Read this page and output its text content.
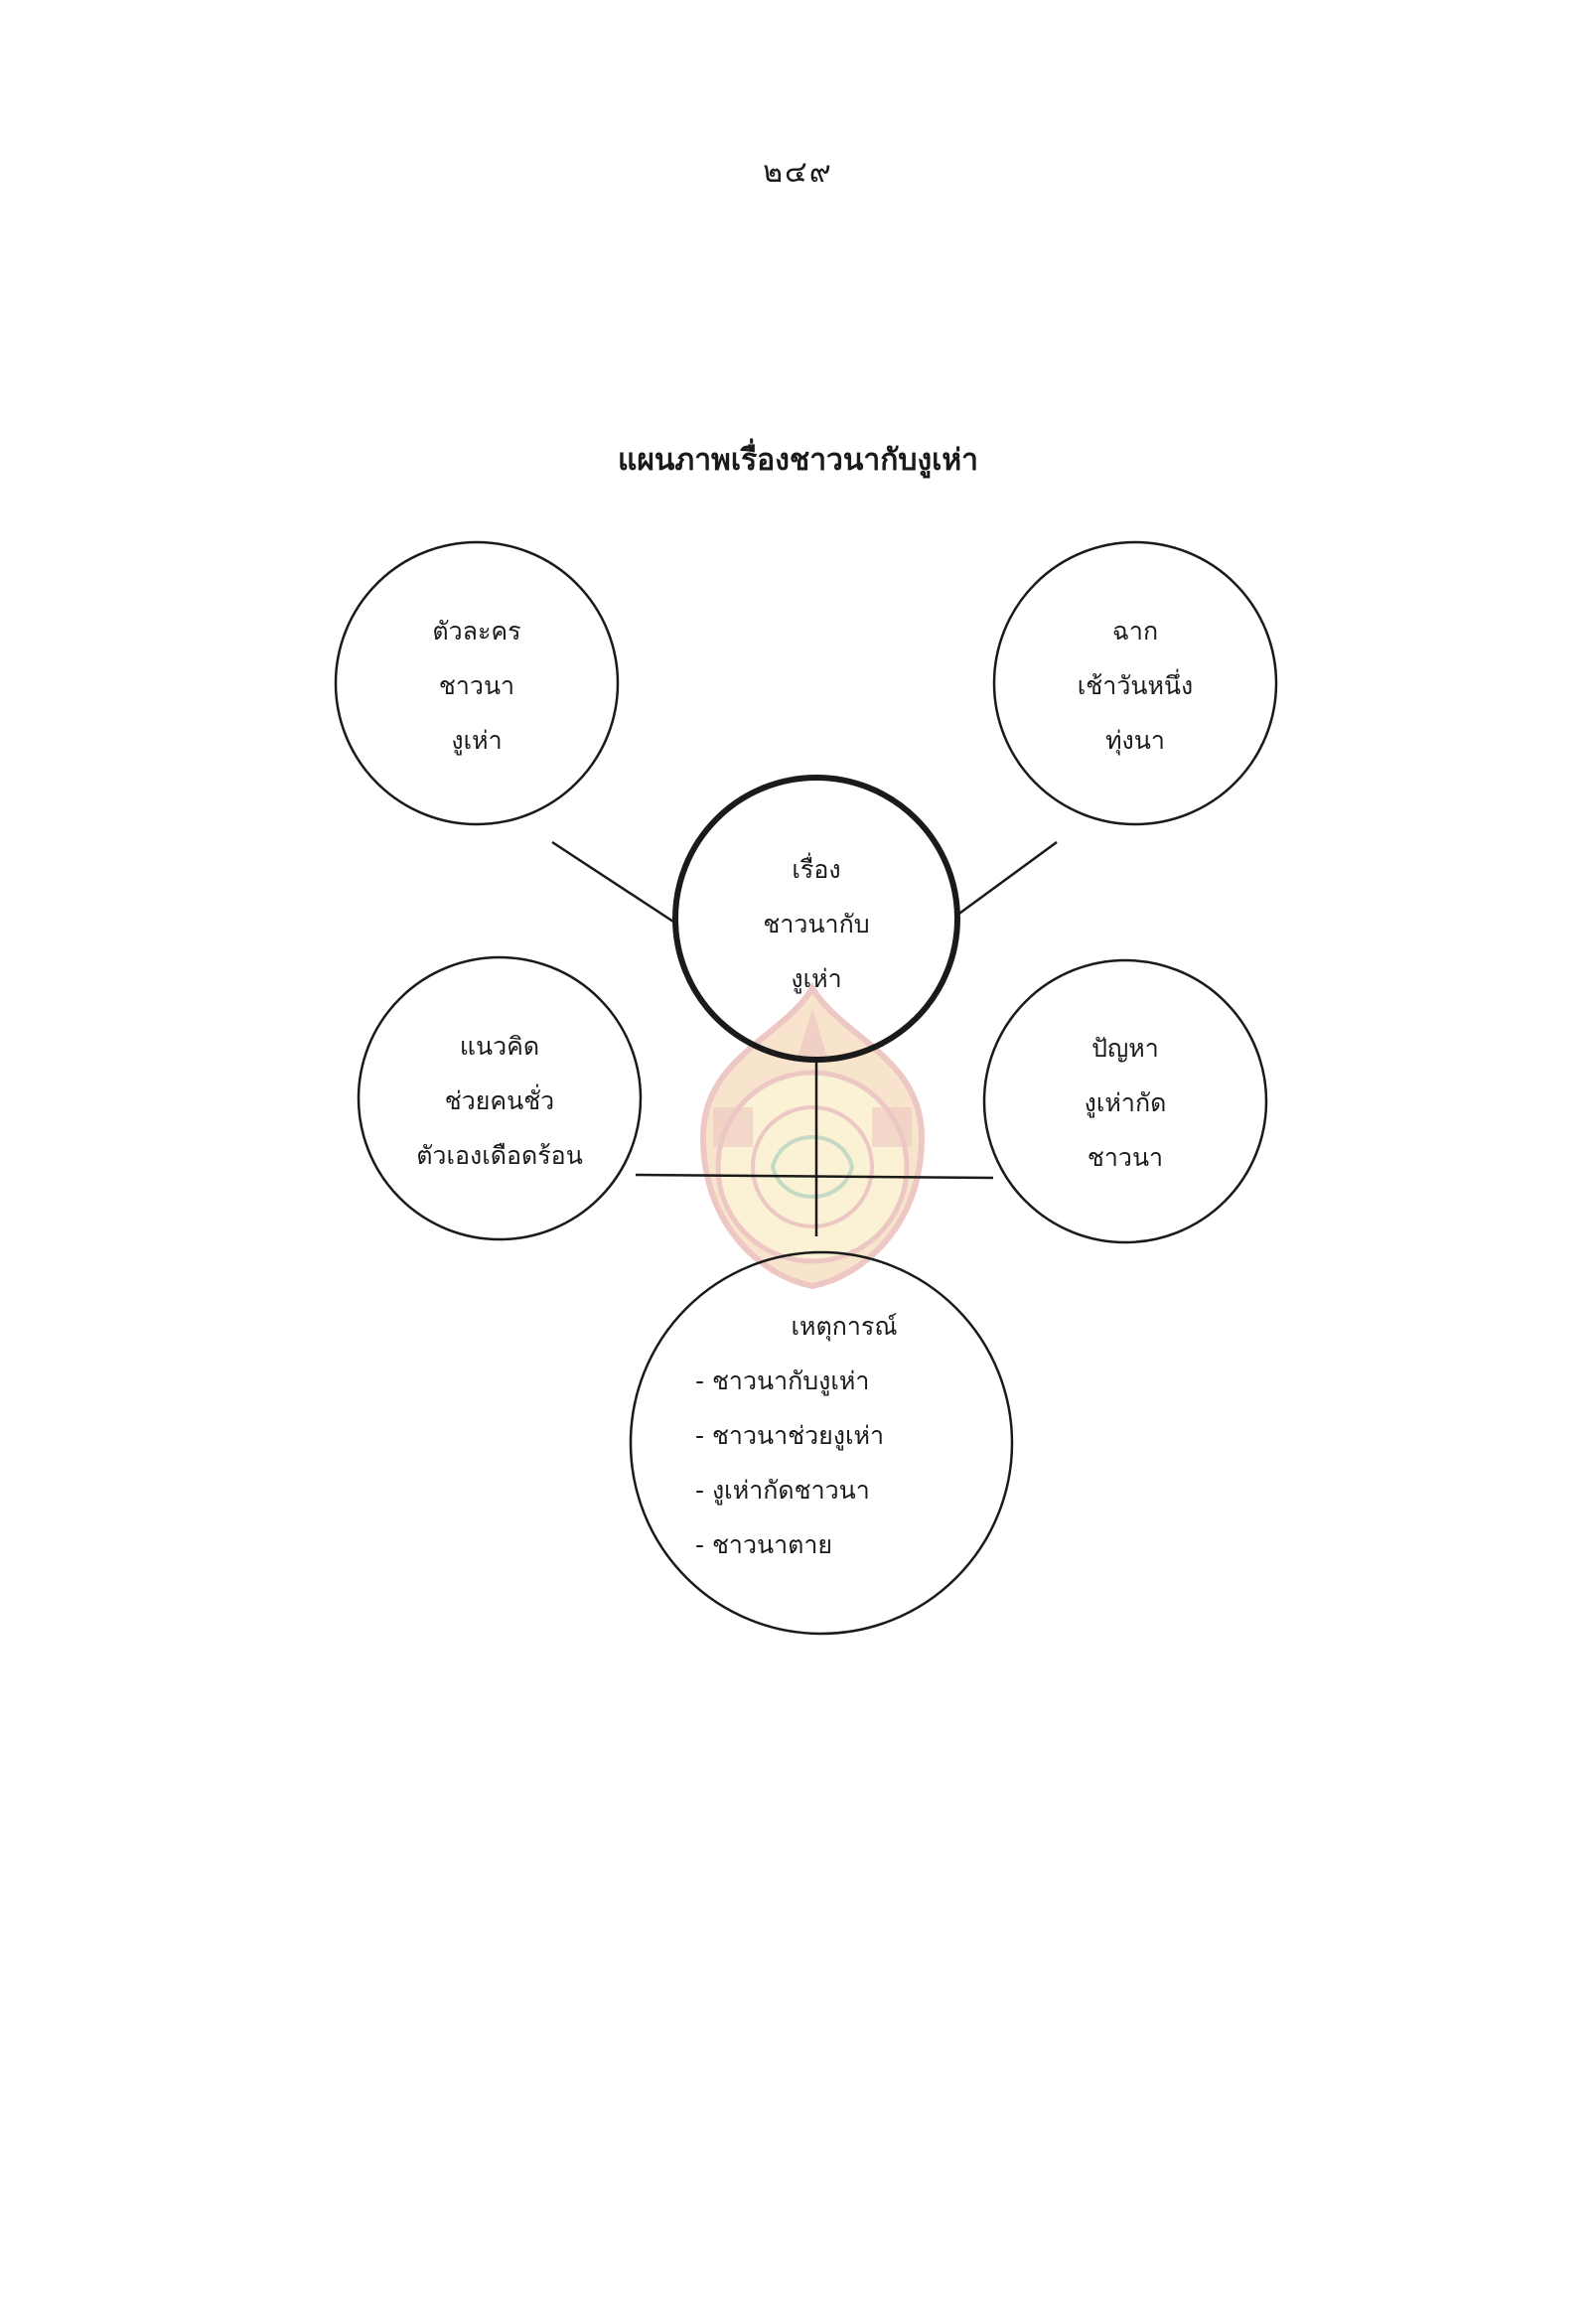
๒๔๙
แผนภาพเรื่องชาวนากับงูเห่า
ตัวละคร
ชาวนา
งูเห่า
ฉาก
เช้าวันหนึ่ง
ทุ่งนา
เรื่อง
ชาวนากับ
งูเห่า
แนวคิด
ช่วยคนชั่ว
ตัวเองเดือดร้อน
ปัญหา
งูเห่ากัด
ชาวนา
เหตุการณ์
- ชาวนากับงูเห่า
- ชาวนาช่วยงูเห่า
- งูเห่ากัดชาวนา
- ชาวนาตาย
